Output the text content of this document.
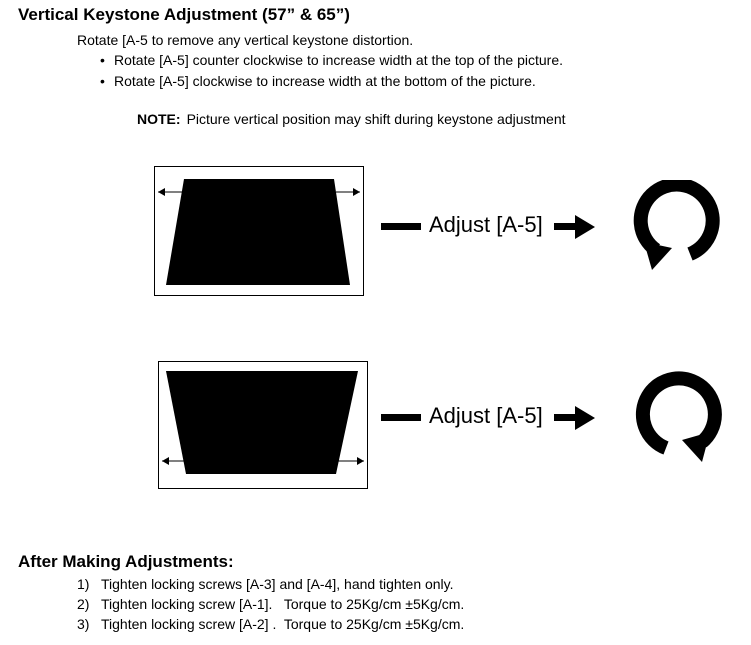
Vertical Keystone Adjustment (57” & 65”)
Rotate [A-5 to remove any vertical keystone distortion.
• Rotate [A-5] counter clockwise to increase width at the top of the picture.
• Rotate [A-5] clockwise to increase width at the bottom of the picture.
NOTE: Picture vertical position may shift during keystone adjustment
Adjust [A-5]
Adjust [A-5]
After Making Adjustments:
1) Tighten locking screws [A-3] and [A-4], hand tighten only.
2) Tighten locking screw [A-1].   Torque to 25Kg/cm ±5Kg/cm.
3) Tighten locking screw [A-2] .  Torque to 25Kg/cm ±5Kg/cm.
